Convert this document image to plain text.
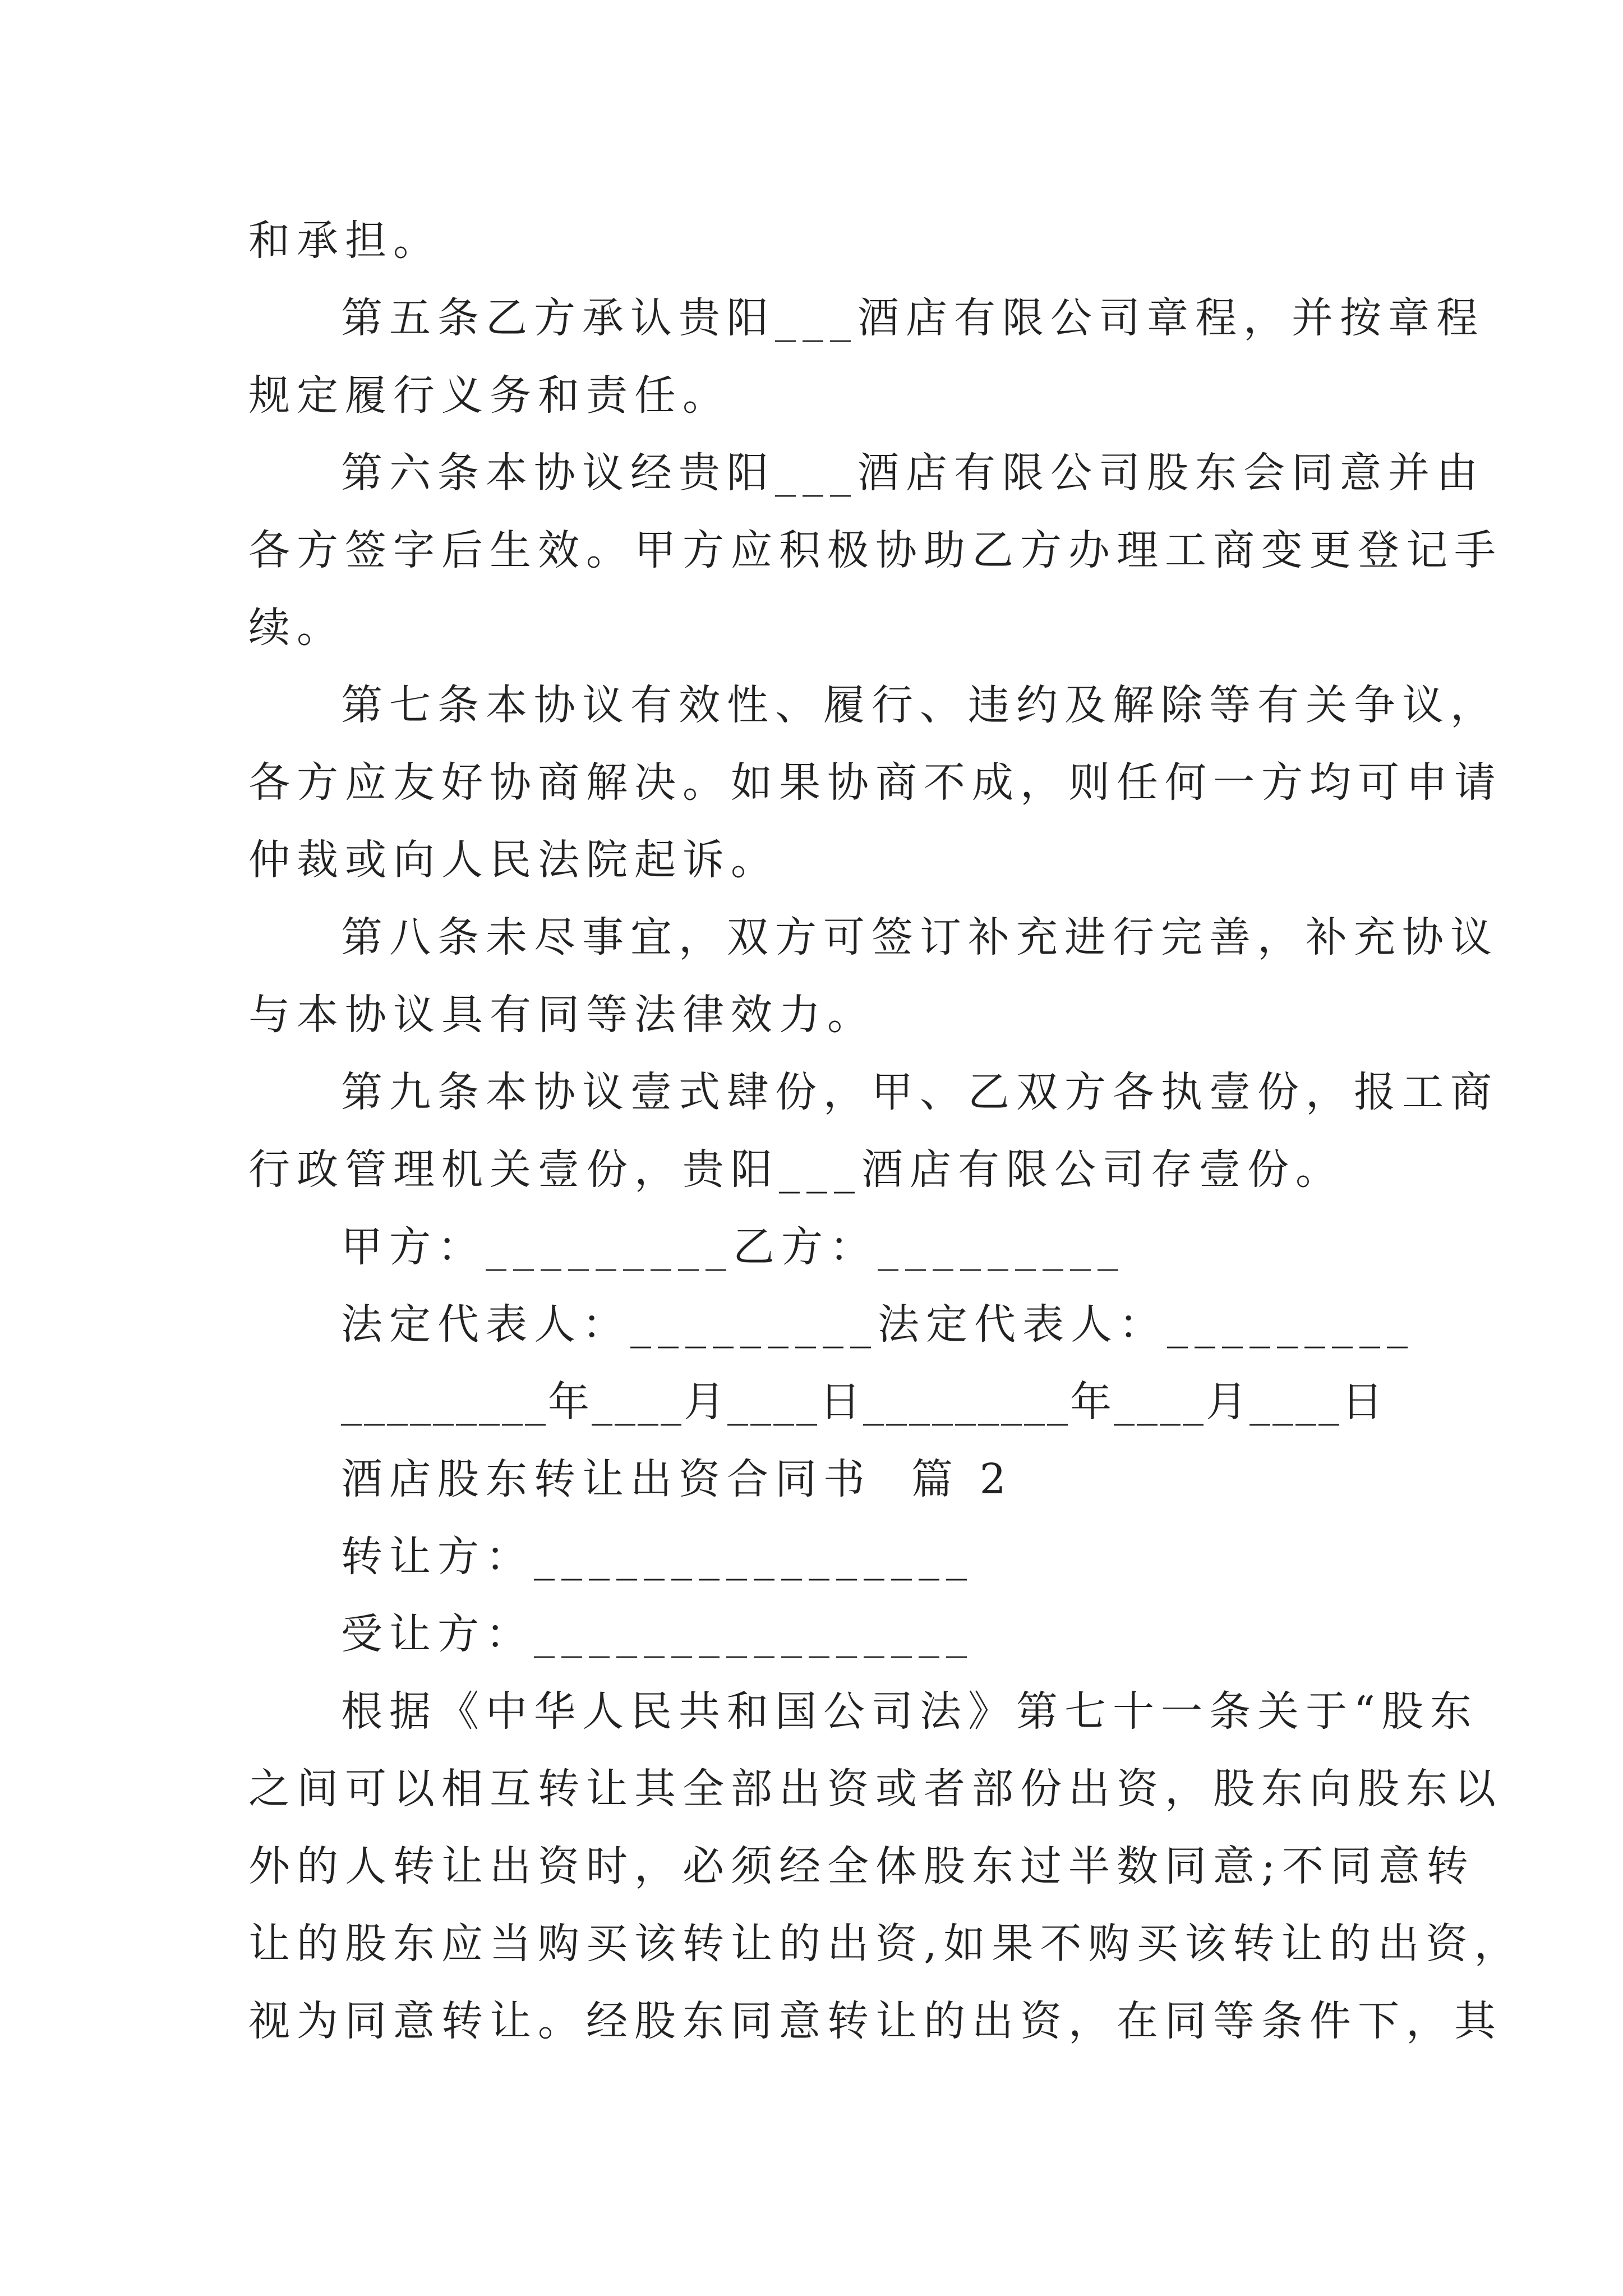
和承担。
第五条乙方承认贵阳___酒店有限公司章程，并按章程
规定履行义务和责任。
第六条本协议经贵阳___酒店有限公司股东会同意并由
各方签字后生效。甲方应积极协助乙方办理工商变更登记手
续。
第七条本协议有效性、履行、违约及解除等有关争议，
各方应友好协商解决。如果协商不成，则任何一方均可申请
仲裁或向人民法院起诉。
第八条未尽事宜，双方可签订补充进行完善，补充协议
与本协议具有同等法律效力。
第九条本协议壹式肆份，甲、乙双方各执壹份，报工商
行政管理机关壹份，贵阳___酒店有限公司存壹份。
甲方：_________乙方：_________
法定代表人：_________法定代表人：_________
_________年____月____日_________年____月____日
酒店股东转让出资合同书  篇 2
转让方：________________
受让方：________________
根据《中华人民共和国公司法》第七十一条关于“股东
之间可以相互转让其全部出资或者部份出资，股东向股东以
外的人转让出资时，必须经全体股东过半数同意;不同意转
让的股东应当购买该转让的出资,如果不购买该转让的出资，
视为同意转让。经股东同意转让的出资，在同等条件下，其
